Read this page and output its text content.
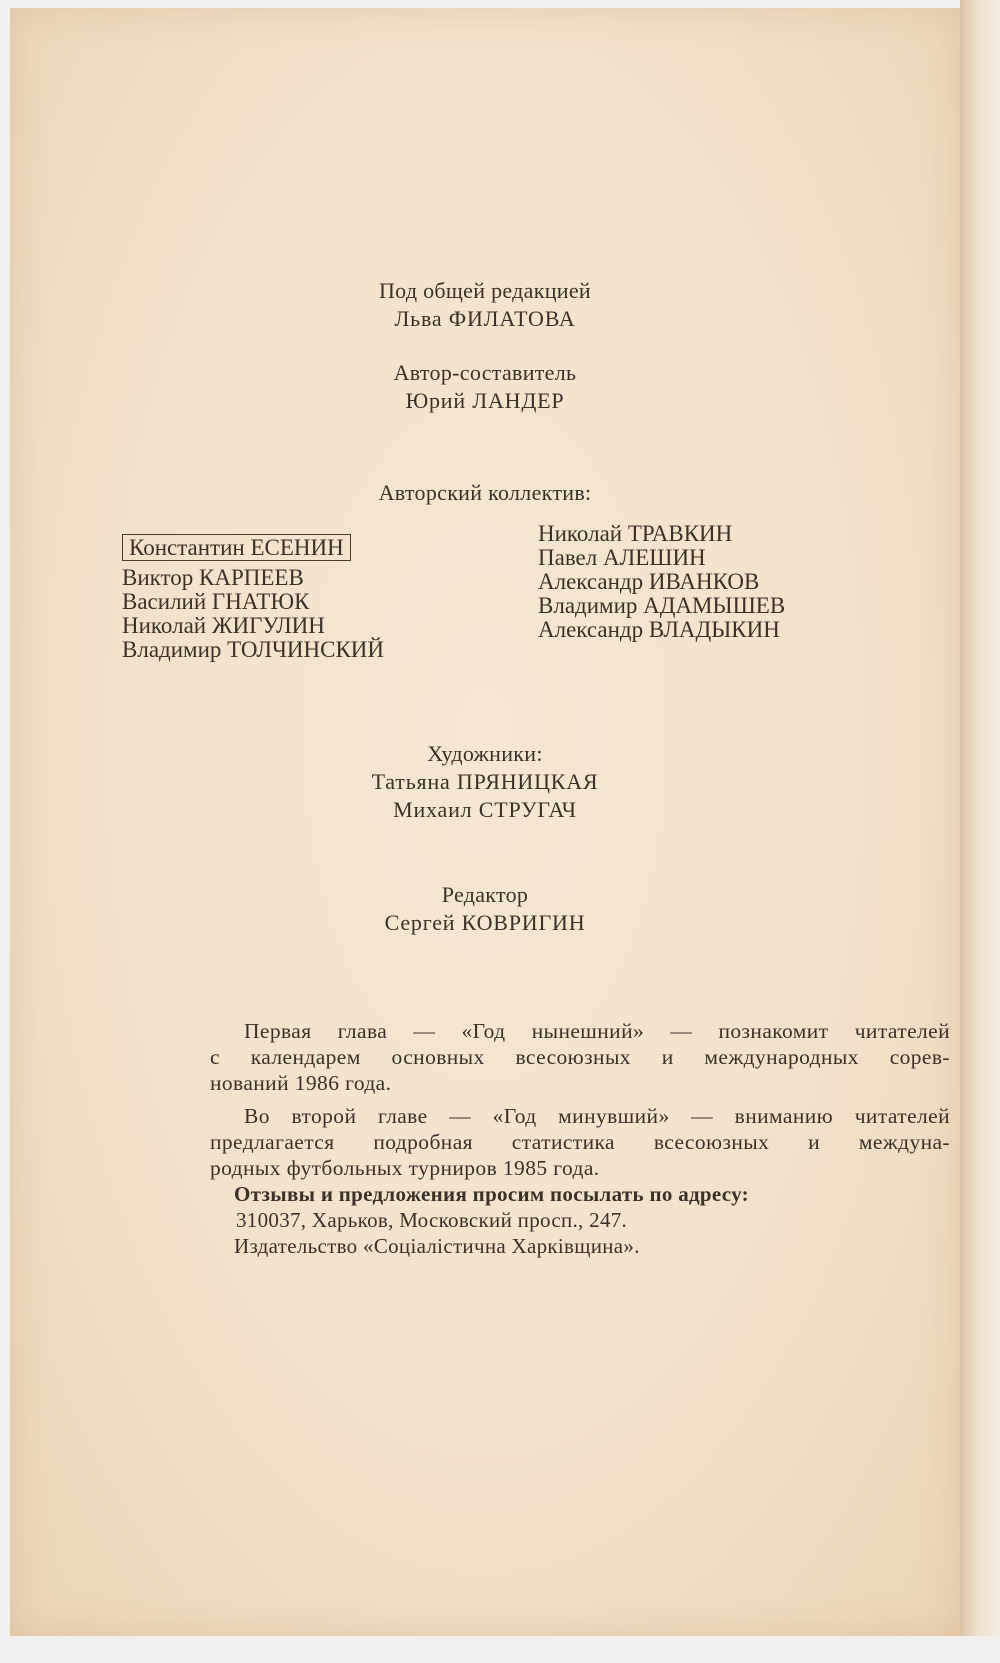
Под общей редакцией
Льва ФИЛАТОВА
Автор-составитель
Юрий ЛАНДЕР
Авторский коллектив:
Константин ЕСЕНИН
Виктор КАРПЕЕВ
Василий ГНАТЮК
Николай ЖИГУЛИН
Владимир ТОЛЧИНСКИЙ
Николай ТРАВКИН
Павел АЛЕШИН
Александр ИВАНКОВ
Владимир АДАМЫШЕВ
Александр ВЛАДЫКИН
Художники:
Татьяна ПРЯНИЦКАЯ
Михаил СТРУГАЧ
Редактор
Сергей КОВРИГИН
Первая глава — «Год нынешний» — познакомит читателей
с календарем основных всесоюзных и международных сорев-
нований 1986 года.
Во второй главе — «Год минувший» — вниманию читателей
предлагается подробная статистика всесоюзных и междуна-
родных футбольных турниров 1985 года.
Отзывы и предложения просим посылать по адресу:
310037, Харьков, Московский просп., 247.
Издательство «Соціалістична Харківщина».
